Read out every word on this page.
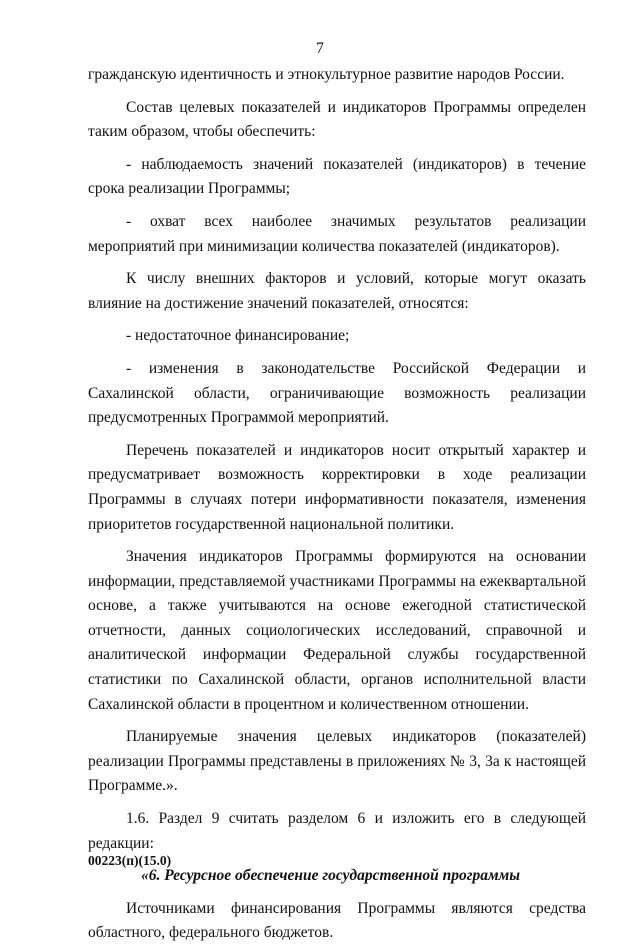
7

гражданскую идентичность и этнокультурное развитие народов России.

Состав целевых показателей и индикаторов Программы определен таким образом, чтобы обеспечить:

- наблюдаемость значений показателей (индикаторов) в течение срока реализации Программы;

- охват всех наиболее значимых результатов реализации мероприятий при минимизации количества показателей (индикаторов).

К числу внешних факторов и условий, которые могут оказать влияние на достижение значений показателей, относятся:

- недостаточное финансирование;

- изменения в законодательстве Российской Федерации и Сахалинской области, ограничивающие возможность реализации предусмотренных Программой мероприятий.

Перечень показателей и индикаторов носит открытый характер и предусматривает возможность корректировки в ходе реализации Программы в случаях потери информативности показателя, изменения приоритетов государственной национальной политики.

Значения индикаторов Программы формируются на основании информации, представляемой участниками Программы на ежеквартальной основе, а также учитываются на основе ежегодной статистической отчетности, данных социологических исследований, справочной и аналитической информации Федеральной службы государственной статистики по Сахалинской области, органов исполнительной власти Сахалинской области в процентном и количественном отношении.

Планируемые значения целевых индикаторов (показателей) реализации Программы представлены в приложениях № 3, 3а к настоящей Программе.».

1.6. Раздел 9 считать разделом 6 и изложить его в следующей редакции:

«6. Ресурсное обеспечение государственной программы

Источниками финансирования Программы являются средства областного, федерального бюджетов.

00223(п)(15.0)
